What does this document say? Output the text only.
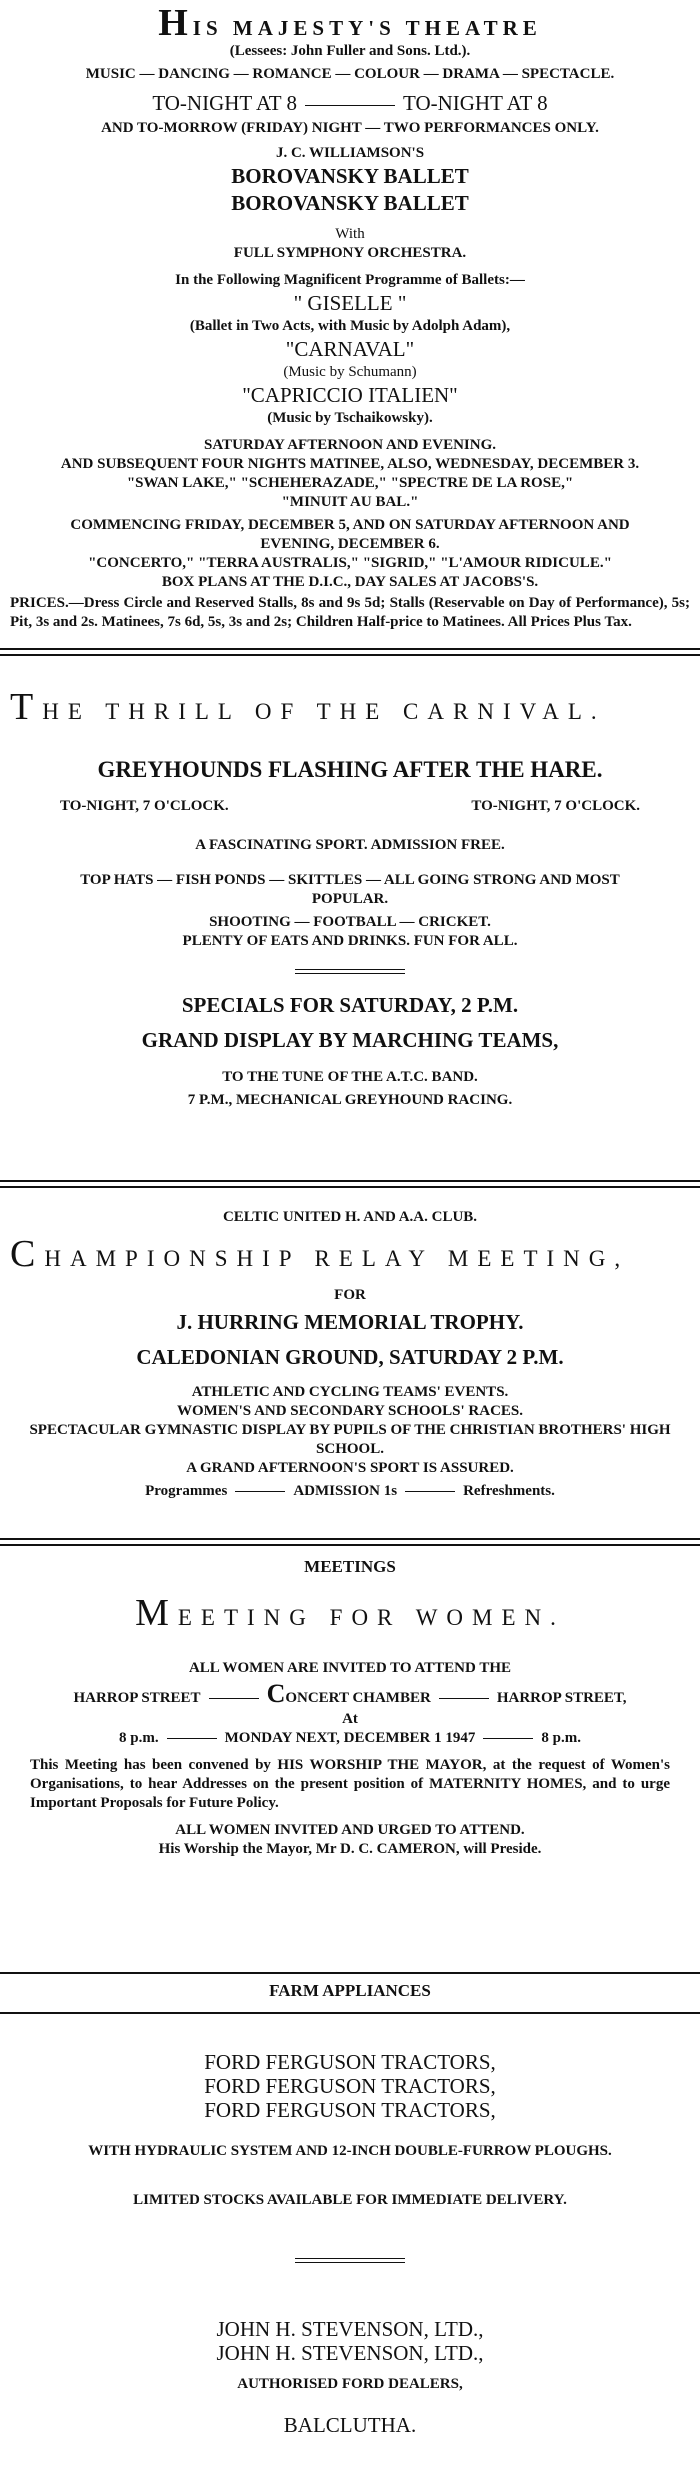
HIS MAJESTY'S THEATRE
(Lessees: John Fuller and Sons. Ltd.).
MUSIC — DANCING — ROMANCE — COLOUR — DRAMA — SPECTACLE.
TO-NIGHT AT 8	TO-NIGHT AT 8
AND TO-MORROW (FRIDAY) NIGHT — TWO PERFORMANCES ONLY.
J. C. WILLIAMSON'S
BOROVANSKY BALLET
BOROVANSKY BALLET
With
FULL SYMPHONY ORCHESTRA.
In the Following Magnificent Programme of Ballets:—
" GISELLE "
(Ballet in Two Acts, with Music by Adolph Adam),
"CARNAVAL"
(Music by Schumann)
"CAPRICCIO ITALIEN"
(Music by Tschaikowsky).
SATURDAY AFTERNOON AND EVENING.
AND SUBSEQUENT FOUR NIGHTS MATINEE, ALSO, WEDNESDAY, DECEMBER 3.
"SWAN LAKE," "SCHEHERAZADE," "SPECTRE DE LA ROSE,"
"MINUIT AU BAL."
COMMENCING FRIDAY, DECEMBER 5, AND ON SATURDAY AFTERNOON AND
EVENING, DECEMBER 6.
"CONCERTO," "TERRA AUSTRALIS," "SIGRID," "L'AMOUR RIDICULE."
BOX PLANS AT THE D.I.C., DAY SALES AT JACOBS'S.
PRICES.—Dress Circle and Reserved Stalls, 8s and 9s 5d; Stalls (Reservable on Day of Performance), 5s; Pit, 3s and 2s. Matinees, 7s 6d, 5s, 3s and 2s; Children Half-price to Matinees. All Prices Plus Tax.
THE THRILL OF THE CARNIVAL.
GREYHOUNDS FLASHING AFTER THE HARE.
TO-NIGHT, 7 O'CLOCK.	TO-NIGHT, 7 O'CLOCK.
A FASCINATING SPORT. ADMISSION FREE.
TOP HATS — FISH PONDS — SKITTLES — ALL GOING STRONG AND MOST POPULAR.
SHOOTING — FOOTBALL — CRICKET.
PLENTY OF EATS AND DRINKS. FUN FOR ALL.
SPECIALS FOR SATURDAY, 2 P.M.
GRAND DISPLAY BY MARCHING TEAMS,
TO THE TUNE OF THE A.T.C. BAND.
7 P.M., MECHANICAL GREYHOUND RACING.
CELTIC UNITED H. AND A.A. CLUB.
CHAMPIONSHIP RELAY MEETING,
FOR
J. HURRING MEMORIAL TROPHY.
CALEDONIAN GROUND, SATURDAY 2 P.M.
ATHLETIC AND CYCLING TEAMS' EVENTS.
WOMEN'S AND SECONDARY SCHOOLS' RACES.
SPECTACULAR GYMNASTIC DISPLAY BY PUPILS OF THE CHRISTIAN BROTHERS' HIGH SCHOOL.
A GRAND AFTERNOON'S SPORT IS ASSURED.
Programmes	ADMISSION 1s	Refreshments.
MEETINGS
MEETING FOR WOMEN.
ALL WOMEN ARE INVITED TO ATTEND THE
HARROP STREET	CONCERT CHAMBER	HARROP STREET,
At
8 p.m.	MONDAY NEXT, DECEMBER 1 1947	8 p.m.
This Meeting has been convened by HIS WORSHIP THE MAYOR, at the request of Women's Organisations, to hear Addresses on the present position of MATERNITY HOMES, and to urge Important Proposals for Future Policy.
ALL WOMEN INVITED AND URGED TO ATTEND.
His Worship the Mayor, Mr D. C. CAMERON, will Preside.
FARM APPLIANCES
FORD FERGUSON TRACTORS,
FORD FERGUSON TRACTORS,
FORD FERGUSON TRACTORS,
WITH HYDRAULIC SYSTEM AND 12-INCH DOUBLE-FURROW PLOUGHS.
LIMITED STOCKS AVAILABLE FOR IMMEDIATE DELIVERY.
JOHN H. STEVENSON, LTD.,
JOHN H. STEVENSON, LTD.,
AUTHORISED FORD DEALERS,
BALCLUTHA.
